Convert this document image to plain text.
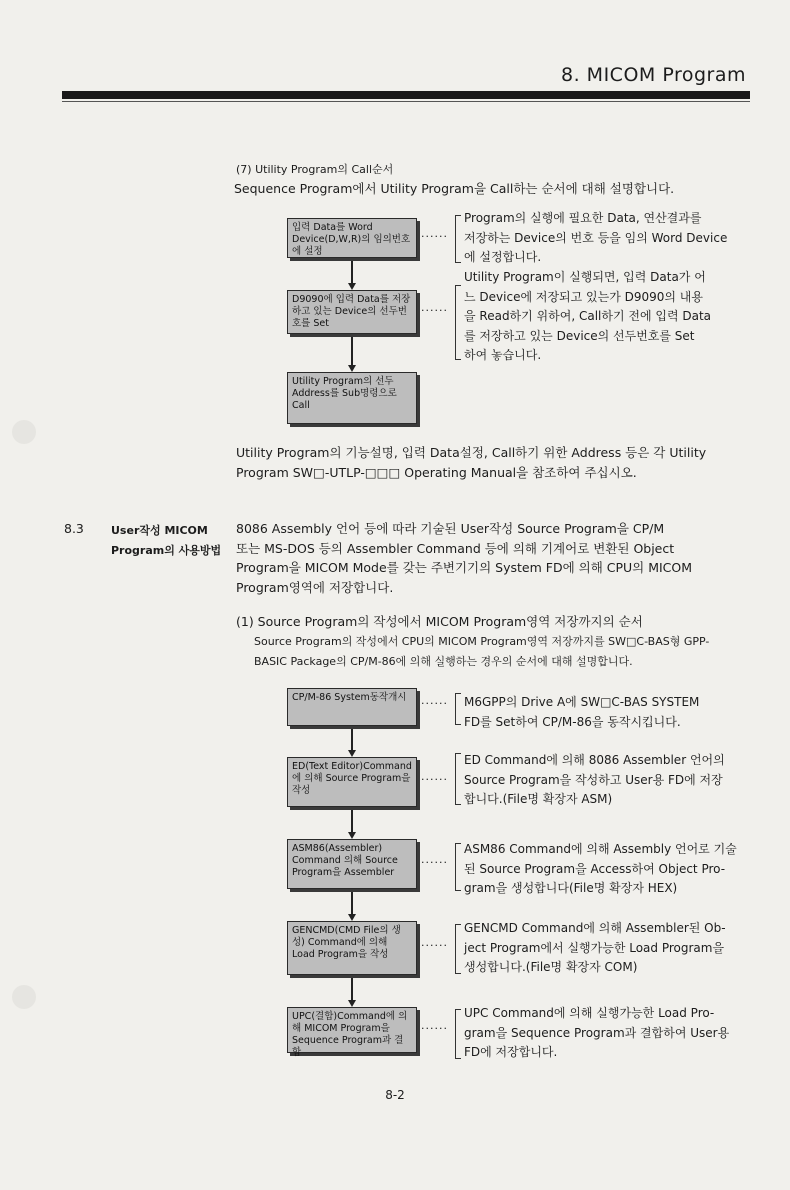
8. MICOM Program
(7) Utility Program의 Call순서
Sequence Program에서 Utility Program을 Call하는 순서에 대해 설명합니다.
입력 Data를 Word Device(D,W,R)의 임의번호에 설정
D9090에 입력 Data를 저장하고 있는 Device의 선두번호를 Set
Utility Program의 선두 Address를 Sub명령으로 Call
······
Program의 실행에 필요한 Data, 연산결과를
저장하는 Device의 번호 등을 임의 Word Device
에 설정합니다.
······
Utility Program이 실행되면, 입력 Data가 어
느 Device에 저장되고 있는가 D9090의 내용
을 Read하기 위하여, Call하기 전에 입력 Data
를 저장하고 있는 Device의 선두번호를 Set
하여 놓습니다.
Utility Program의 기능설명, 입력 Data설정, Call하기 위한 Address 등은 각 Utility
Program SW□-UTLP-□□□ Operating Manual을 참조하여 주십시오.
8.3 User작성 MICOM
Program의 사용방법
8086 Assembly 언어 등에 따라 기술된 User작성 Source Program을 CP/M
또는 MS-DOS 등의 Assembler Command 등에 의해 기계어로 변환된 Object
Program을 MICOM Mode를 갖는 주변기기의 System FD에 의해 CPU의 MICOM
Program영역에 저장합니다.
(1) Source Program의 작성에서 MICOM Program영역 저장까지의 순서
Source Program의 작성에서 CPU의 MICOM Program영역 저장까지를 SW□C-BAS형 GPP-
BASIC Package의 CP/M-86에 의해 실행하는 경우의 순서에 대해 설명합니다.
CP/M-86 System동작개시
ED(Text Editor)Command에 의해 Source Program을 작성
ASM86(Assembler) Command 의해 Source Program을 Assembler
GENCMD(CMD File의 생성) Command에 의해 Load Program을 작성
UPC(결합)Command에 의해 MICOM Program을 Sequence Program과 결합
······ M6GPP의 Drive A에 SW□C-BAS SYSTEM
FD를 Set하여 CP/M-86을 동작시킵니다.
······
ED Command에 의해 8086 Assembler 언어의
Source Program을 작성하고 User용 FD에 저장
합니다.(File명 확장자 ASM)
······
ASM86 Command에 의해 Assembly 언어로 기술
된 Source Program을 Access하여 Object Pro-
gram을 생성합니다(File명 확장자 HEX)
······
GENCMD Command에 의해 Assembler된 Ob-
ject Program에서 실행가능한 Load Program을
생성합니다.(File명 확장자 COM)
······
UPC Command에 의해 실행가능한 Load Pro-
gram을 Sequence Program과 결합하여 User용
FD에 저장합니다.
8-2
